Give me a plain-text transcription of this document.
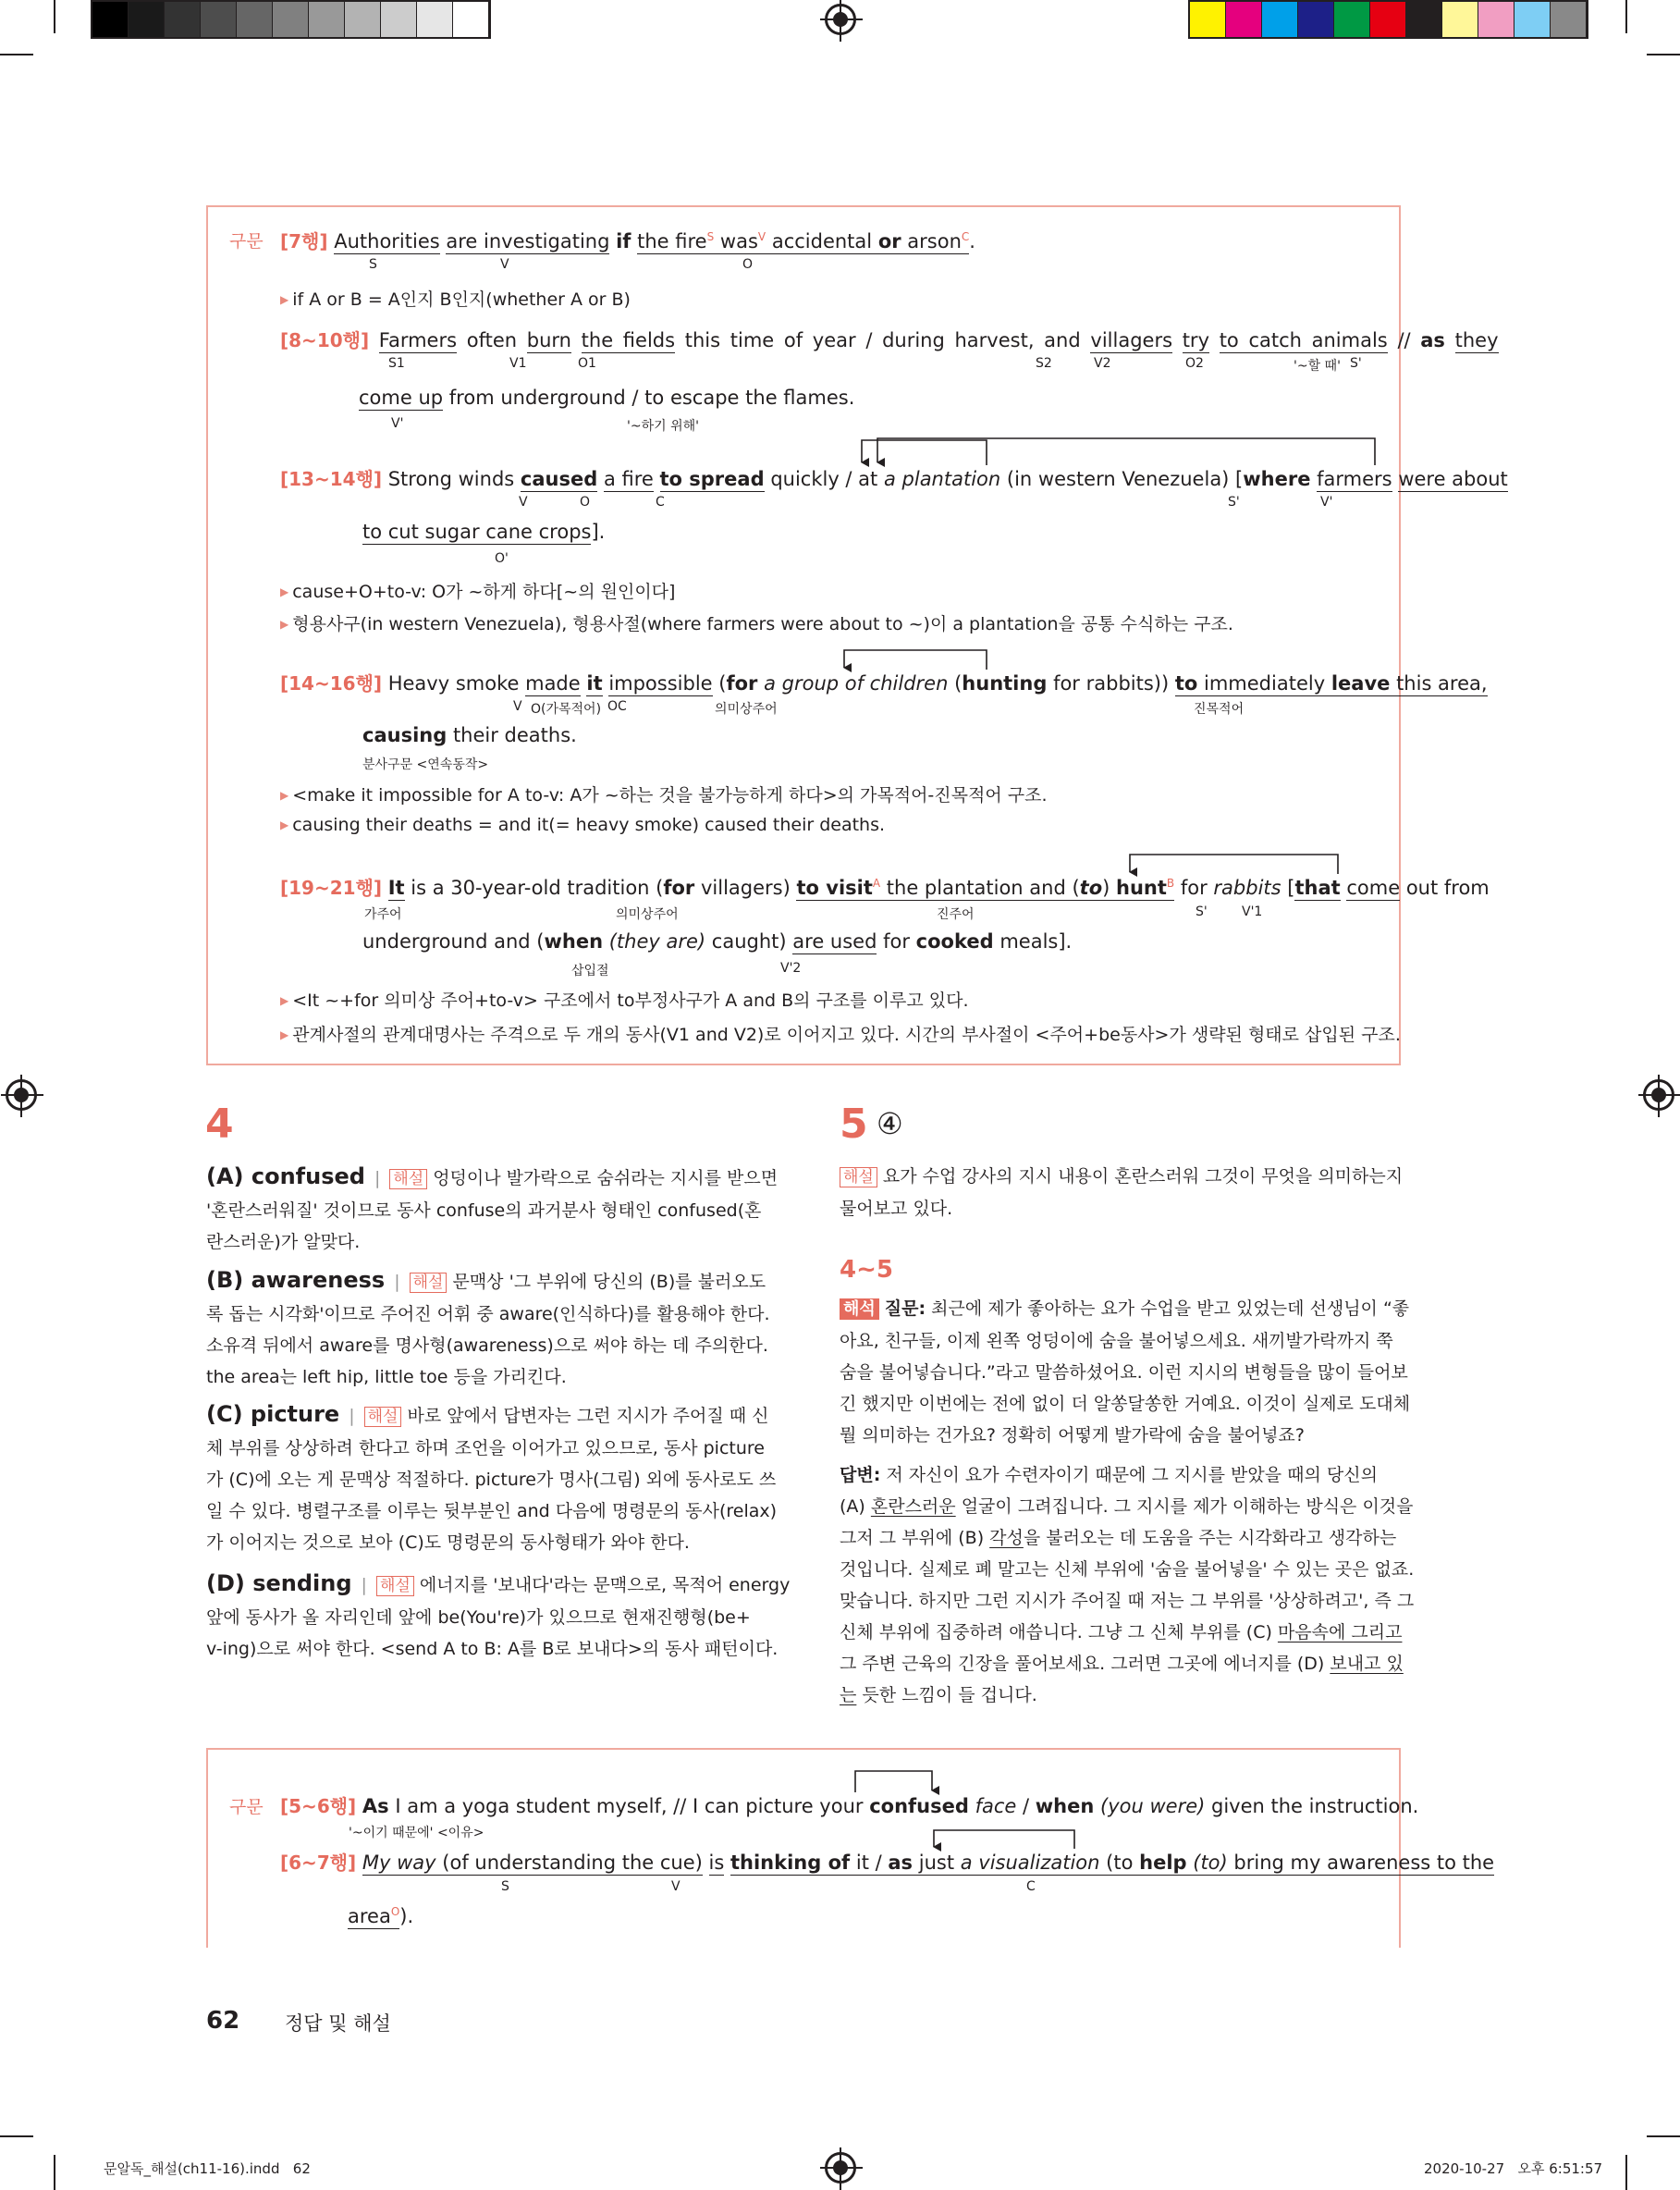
구문 [7행] Authorities are investigating if the fire$^S$ was$^V$ accidental or arson$^C$.
S	V	O
▶ if A or B = A인지 B인지(whether A or B)
[8~10행] Farmers often burn the fields this time of year / during harvest, and villagers try to catch animals // as they
S1	V1	O1	S2	V2	O2	'~할 때' S'
come up from underground / to escape the flames.
V'	'~하기 위해'
[13~14행] Strong winds caused a fire to spread quickly / at a plantation (in western Venezuela) [where farmers were about
V	O	C	S'	V'
to cut sugar cane crops].
O'
▶ cause+O+to-v: O가 ~하게 하다[~의 원인이다]
▶ 형용사구(in western Venezuela), 형용사절(where farmers were about to ~)이 a plantation을 공통 수식하는 구조.
[14~16행] Heavy smoke made it impossible (for a group of children (hunting for rabbits)) to immediately leave this area,
V O(가목적어) OC	의미상주어	진목적어
causing their deaths.
분사구문 <연속동작>
▶ <make it impossible for A to-v: A가 ~하는 것을 불가능하게 하다>의 가목적어-진목적어 구조.
▶ causing their deaths = and it(= heavy smoke) caused their deaths.
[19~21행] It is a 30-year-old tradition (for villagers) to visit$^A$ the plantation and (to) hunt$^B$ for rabbits [that come out from
가주어	의미상주어	진주어	S'	V'1
underground and (when (they are) caught) are used for cooked meals].
삽입절	V'2
▶ <It ~+for 의미상 주어+to-v> 구조에서 to부정사구가 A and B의 구조를 이루고 있다.
▶ 관계사절의 관계대명사는 주격으로 두 개의 동사(V1 and V2)로 이어지고 있다. 시간의 부사절이 <주어+be동사>가 생략된 형태로 삽입된 구조.
4
(A) confused | 해설 엉덩이나 발가락으로 숨쉬라는 지시를 받으면
'혼란스러워질' 것이므로 동사 confuse의 과거분사 형태인 confused(혼
란스러운)가 알맞다.
(B) awareness | 해설 문맥상 '그 부위에 당신의 (B)를 불러오도
록 돕는 시각화'이므로 주어진 어휘 중 aware(인식하다)를 활용해야 한다.
소유격 뒤에서 aware를 명사형(awareness)으로 써야 하는 데 주의한다.
the area는 left hip, little toe 등을 가리킨다.
(C) picture | 해설 바로 앞에서 답변자는 그런 지시가 주어질 때 신
체 부위를 상상하려 한다고 하며 조언을 이어가고 있으므로, 동사 picture
가 (C)에 오는 게 문맥상 적절하다. picture가 명사(그림) 외에 동사로도 쓰
일 수 있다. 병렬구조를 이루는 뒷부분인 and 다음에 명령문의 동사(relax)
가 이어지는 것으로 보아 (C)도 명령문의 동사형태가 와야 한다.
(D) sending | 해설 에너지를 '보내다'라는 문맥으로, 목적어 energy
앞에 동사가 올 자리인데 앞에 be(You're)가 있으므로 현재진행형(be+
v-ing)으로 써야 한다. <send A to B: A를 B로 보내다>의 동사 패턴이다.
5 ④
해설 요가 수업 강사의 지시 내용이 혼란스러워 그것이 무엇을 의미하는지
물어보고 있다.
4~5
해석 질문: 최근에 제가 좋아하는 요가 수업을 받고 있었는데 선생님이 “좋
아요, 친구들, 이제 왼쪽 엉덩이에 숨을 불어넣으세요. 새끼발가락까지 쭉
숨을 불어넣습니다.”라고 말씀하셨어요. 이런 지시의 변형들을 많이 들어보
긴 했지만 이번에는 전에 없이 더 알쏭달쏭한 거예요. 이것이 실제로 도대체
뭘 의미하는 건가요? 정확히 어떻게 발가락에 숨을 불어넣죠?
답변: 저 자신이 요가 수련자이기 때문에 그 지시를 받았을 때의 당신의
(A) 혼란스러운 얼굴이 그려집니다. 그 지시를 제가 이해하는 방식은 이것을
그저 그 부위에 (B) 각성을 불러오는 데 도움을 주는 시각화라고 생각하는
것입니다. 실제로 폐 말고는 신체 부위에 '숨을 불어넣을' 수 있는 곳은 없죠.
맞습니다. 하지만 그런 지시가 주어질 때 저는 그 부위를 '상상하려고', 즉 그
신체 부위에 집중하려 애씁니다. 그냥 그 신체 부위를 (C) 마음속에 그리고
그 주변 근육의 긴장을 풀어보세요. 그러면 그곳에 에너지를 (D) 보내고 있
는 듯한 느낌이 들 겁니다.
구문 [5~6행] As I am a yoga student myself, // I can picture your confused face / when (you were) given the instruction.
'~이기 때문에' <이유>
[6~7행] My way (of understanding the cue) is thinking of it / as just a visualization (to help (to) bring my awareness to the
S	V	C
area$^O$).
62 정답 및 해설
문알독_해설(ch11-16).indd   62	2020-10-27   오후 6:51:57
